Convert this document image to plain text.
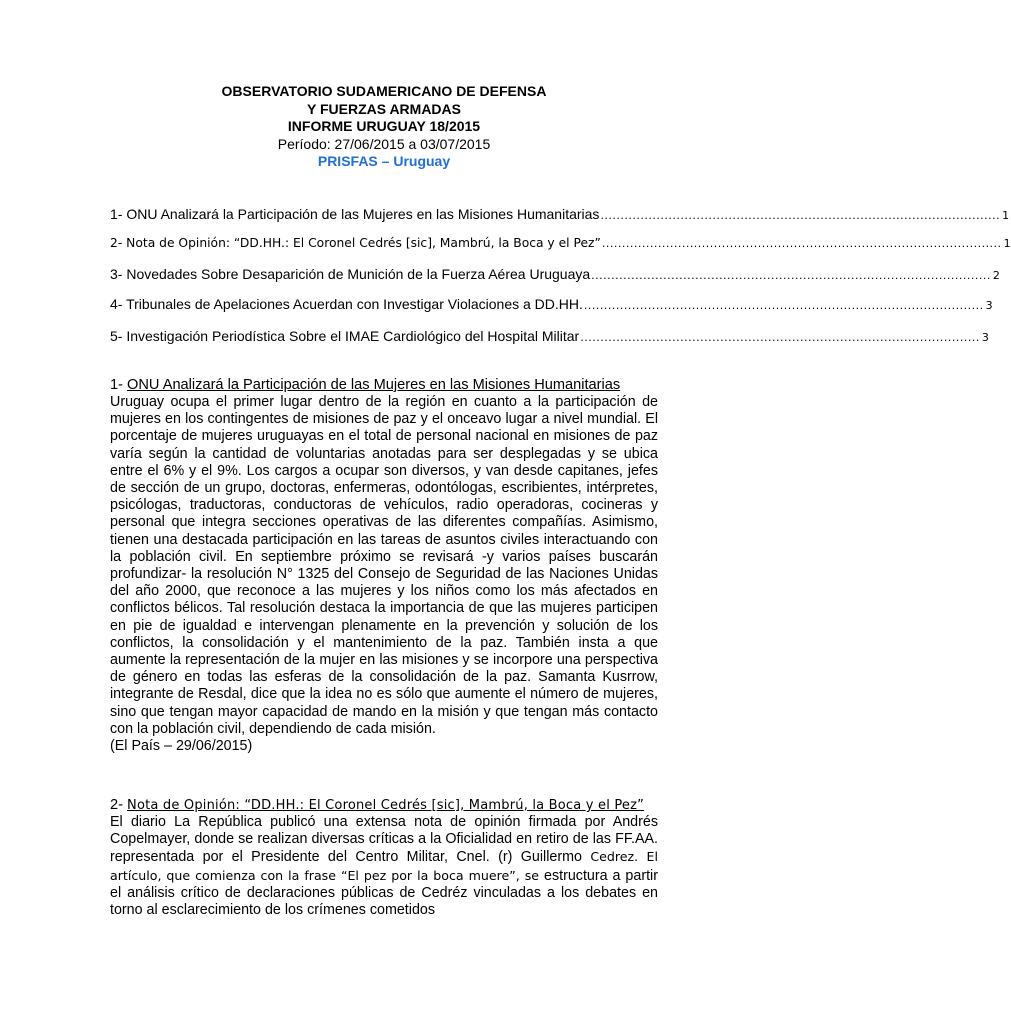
OBSERVATORIO SUDAMERICANO DE DEFENSA
Y FUERZAS ARMADAS
INFORME URUGUAY 18/2015
Período: 27/06/2015 a 03/07/2015
PRISFAS – Uruguay
1- ONU Analizará la Participación de las Mujeres en las Misiones Humanitarias .....	1
2- Nota de Opinión: “DD.HH.: El Coronel Cedrés [sic], Mambrú, la Boca y el Pez” .....	1
3- Novedades Sobre Desaparición de Munición de la Fuerza Aérea Uruguaya .....	2
4- Tribunales de Apelaciones Acuerdan con Investigar Violaciones a DD.HH. .....	3
5- Investigación Periodística Sobre el IMAE Cardiológico del Hospital Militar .....	3
1- ONU Analizará la Participación de las Mujeres en las Misiones Humanitarias
Uruguay ocupa el primer lugar dentro de la región en cuanto a la participación de mujeres en los contingentes de misiones de paz y el onceavo lugar a nivel mundial. El porcentaje de mujeres uruguayas en el total de personal nacional en misiones de paz varía según la cantidad de voluntarias anotadas para ser desplegadas y se ubica entre el 6% y el 9%. Los cargos a ocupar son diversos, y van desde capitanes, jefes de sección de un grupo, doctoras, enfermeras, odontólogas, escribientes, intérpretes, psicólogas, traductoras, conductoras de vehículos, radio operadoras, cocineras y personal que integra secciones operativas de las diferentes compañías. Asimismo, tienen una destacada participación en las tareas de asuntos civiles interactuando con la población civil. En septiembre próximo se revisará -y varios países buscarán profundizar- la resolución N° 1325 del Consejo de Seguridad de las Naciones Unidas del año 2000, que reconoce a las mujeres y los niños como los más afectados en conflictos bélicos. Tal resolución destaca la importancia de que las mujeres participen en pie de igualdad e intervengan plenamente en la prevención y solución de los conflictos, la consolidación y el mantenimiento de la paz. También insta a que aumente la representación de la mujer en las misiones y se incorpore una perspectiva de género en todas las esferas de la consolidación de la paz. Samanta Kusrrow, integrante de Resdal, dice que la idea no es sólo que aumente el número de mujeres, sino que tengan mayor capacidad de mando en la misión y que tengan más contacto con la población civil, dependiendo de cada misión.
(El País – 29/06/2015)
2- Nota de Opinión: “DD.HH.: El Coronel Cedrés [sic], Mambrú, la Boca y el Pez”
El diario La República publicó una extensa nota de opinión firmada por Andrés Copelmayer, donde se realizan diversas críticas a la Oficialidad en retiro de las FF.AA. representada por el Presidente del Centro Militar, Cnel. (r) Guillermo Cedrez. El artículo, que comienza con la frase “El pez por la boca muere”, se estructura a partir el análisis crítico de declaraciones públicas de Cedréz vinculadas a los debates en torno al esclarecimiento de los crímenes cometidos
